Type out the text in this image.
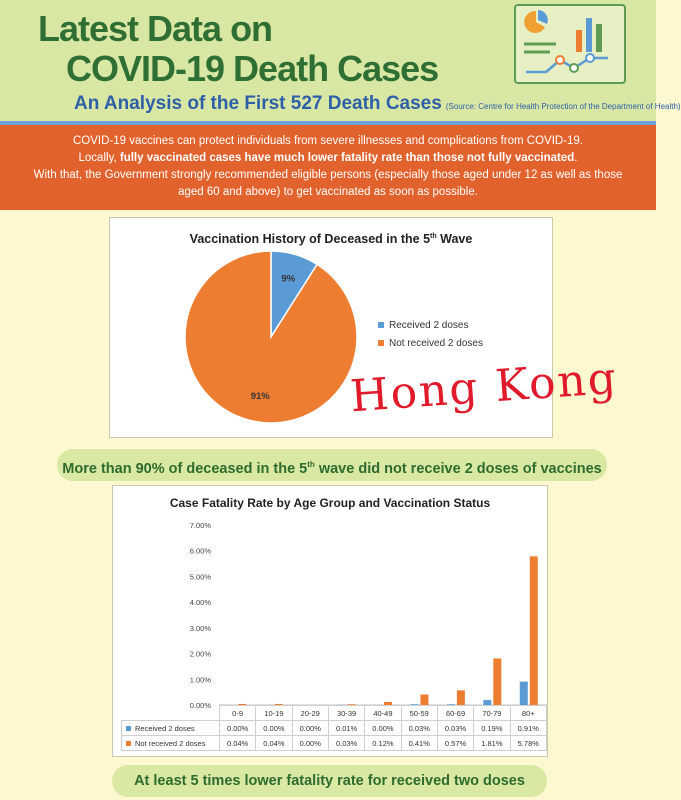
Latest Data on
COVID-19 Death Cases
An Analysis of the First 527 Death Cases (Source: Centre for Health Protection of the Department of Health)

COVID-19 vaccines can protect individuals from severe illnesses and complications from COVID-19.

Locally, fully vaccinated cases have much lower fatality rate than those not fully vaccinated.

With that, the Government strongly recommended eligible persons (especially those aged under 12 as well as those aged 60 and above) to get vaccinated as soon as possible.

Vaccination History of Deceased in the 5th Wave
9%
91%
Received 2 doses
Not received 2 doses
Hong Kong
More than 90% of deceased in the 5th wave did not receive 2 doses of vaccines
Case Fatality Rate by Age Group and Vaccination Status
0.00%
1.00%
2.00%
3.00%
4.00%
5.00%
6.00%
7.00%
	0-9	10-19	20-29	30-39	40-49	50-59	60-69	70-79	80+
Received 2 doses	0.00%	0.00%	0.00%	0.01%	0.00%	0.03%	0.03%	0.19%	0.91%
Not received 2 doses	0.04%	0.04%	0.00%	0.03%	0.12%	0.41%	0.57%	1.81%	5.78%
At least 5 times lower fatality rate for received two doses
